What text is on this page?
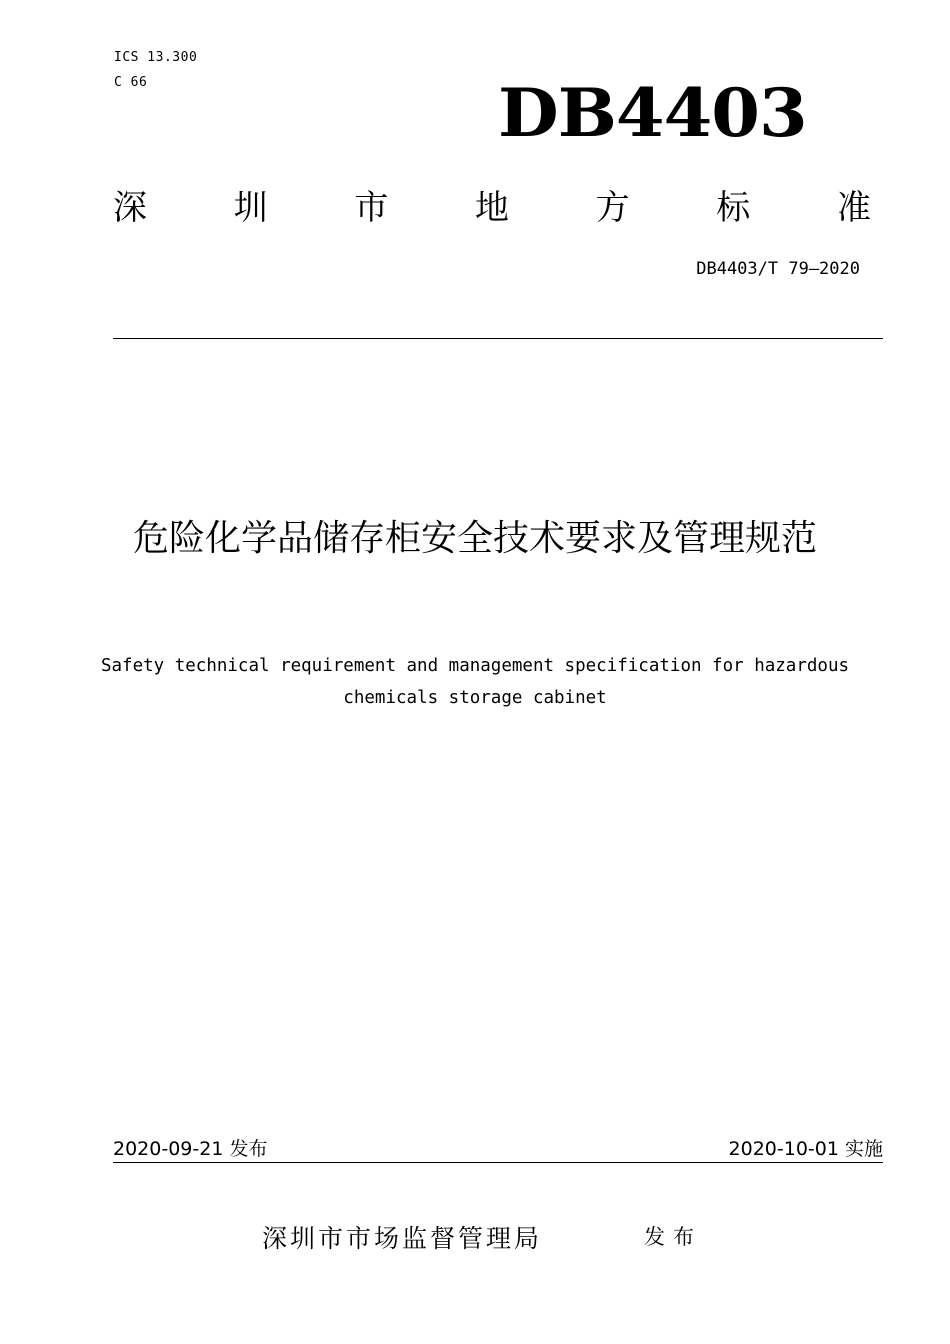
ICS 13.300
C 66	DB4403
深	圳	市	地	方	标	准
DB4403/T 79—2020
危险化学品储存柜安全技术要求及管理规范
Safety technical requirement and management specification for hazardous
chemicals storage cabinet
2020-09-21 发布	2020-10-01 实施
深圳市市场监督管理局	发布
